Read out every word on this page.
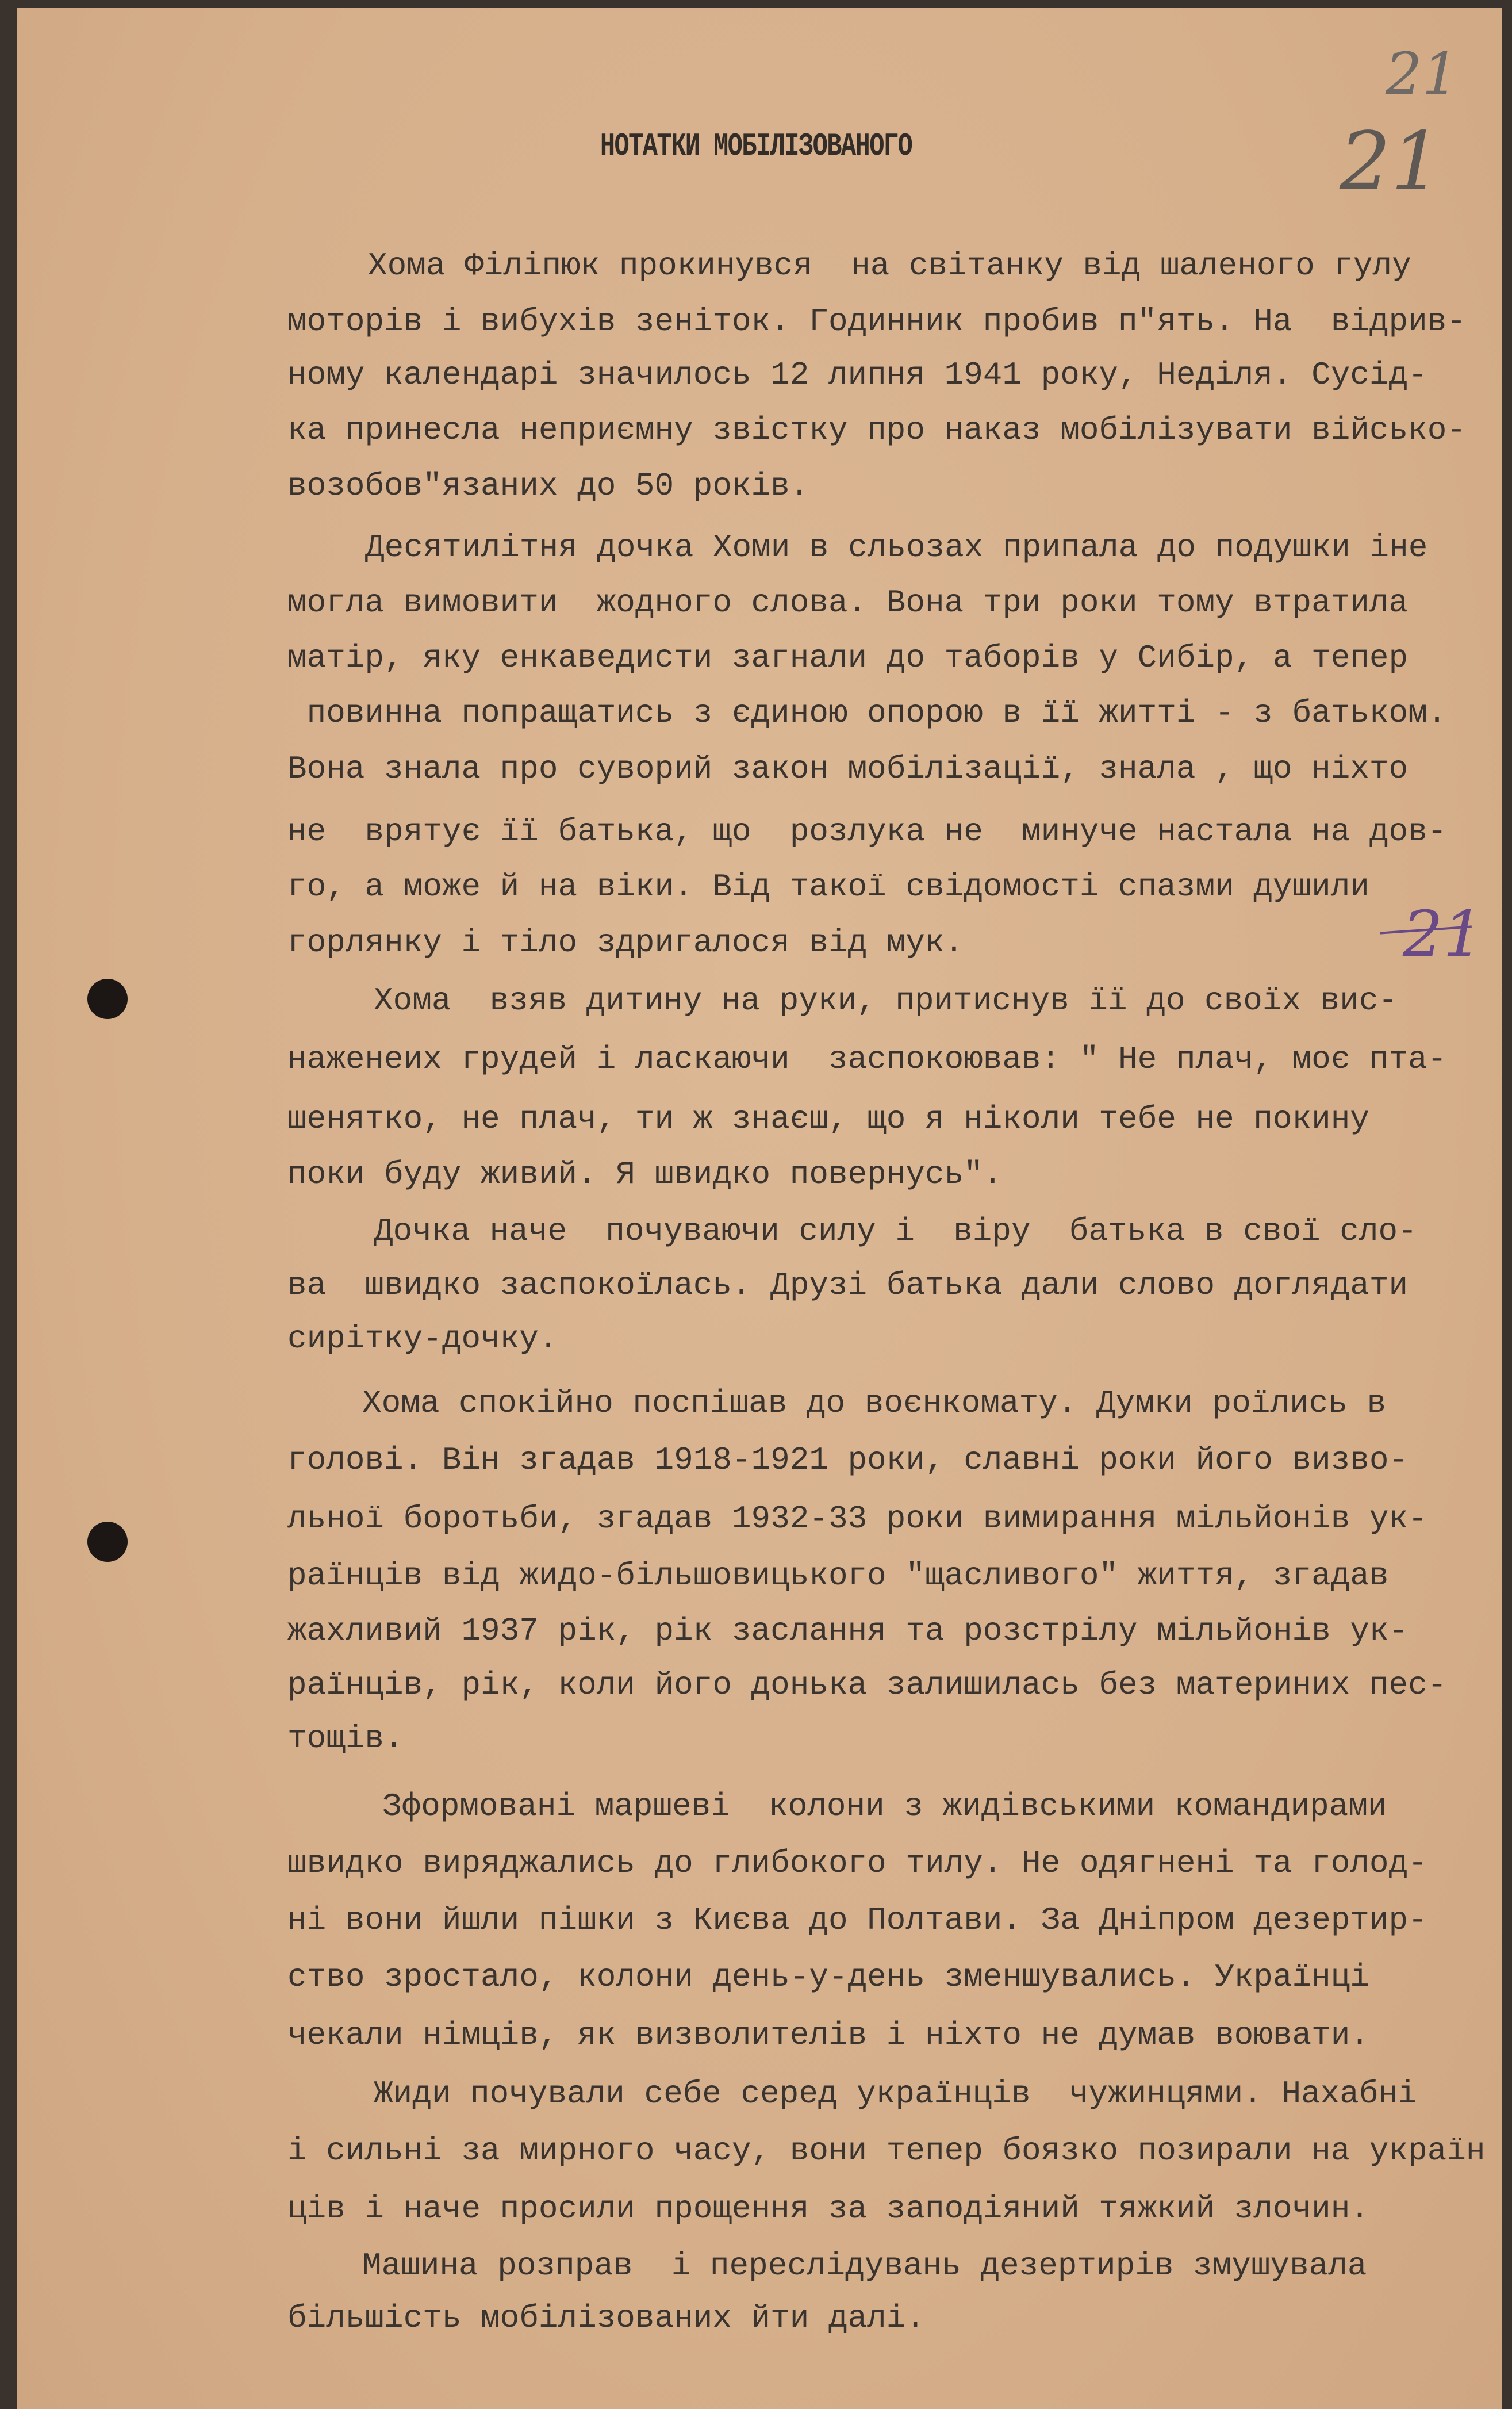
21
21
21
НОТАТКИ МОБІЛІЗОВАНОГО
Хома Філіпюк прокинувся  на світанку від шаленого гулу
моторів і вибухів зеніток. Годинник пробив п"ять. На  відрив-
ному календарі значилось 12 липня 1941 року, Неділя. Сусід-
ка принесла неприємну звістку про наказ мобілізувати військо-
возобов"язаних до 50 років.
Десятилітня дочка Хоми в сльозах припала до подушки іне
могла вимовити  жодного слова. Вона три роки тому втратила
матір, яку енкаведисти загнали до таборів у Сибір, а тепер
повинна попращатись з єдиною опорою в її житті - з батьком.
Вона знала про суворий закон мобілізації, знала , що ніхто
не  врятує її батька, що  розлука не  минуче настала на дов-
го, а може й на віки. Від такої свідомості спазми душили
горлянку і тіло здригалося від мук.
Хома  взяв дитину на руки, притиснув її до своїх вис-
наженеих грудей і ласкаючи  заспокоював: " Не плач, моє пта-
шенятко, не плач, ти ж знаєш, що я ніколи тебе не покину
поки буду живий. Я швидко повернусь".
Дочка наче  почуваючи силу і  віру  батька в свої сло-
ва  швидко заспокоїлась. Друзі батька дали слово доглядати
сирітку-дочку.
Хома спокійно поспішав до воєнкомату. Думки роїлись в
голові. Він згадав 1918-1921 роки, славні роки його визво-
льної боротьби, згадав 1932-33 роки вимирання мільйонів ук-
раїнців від жидо-більшовицького "щасливого" життя, згадав
жахливий 1937 рік, рік заслання та розстрілу мільйонів ук-
раїнців, рік, коли його донька залишилась без материних пес-
тощів.
Зформовані маршеві  колони з жидівськими командирами
швидко виряджались до глибокого тилу. Не одягнені та голод-
ні вони йшли пішки з Києва до Полтави. За Дніпром дезертир-
ство зростало, колони день-у-день зменшувались. Українці
чекали німців, як визволителів і ніхто не думав воювати.
Жиди почували себе серед українців  чужинцями. Нахабні
і сильні за мирного часу, вони тепер боязко позирали на україн
ців і наче просили прощення за заподіяний тяжкий злочин.
Машина розправ  і переслідувань дезертирів змушувала
більшість мобілізованих йти далі.
